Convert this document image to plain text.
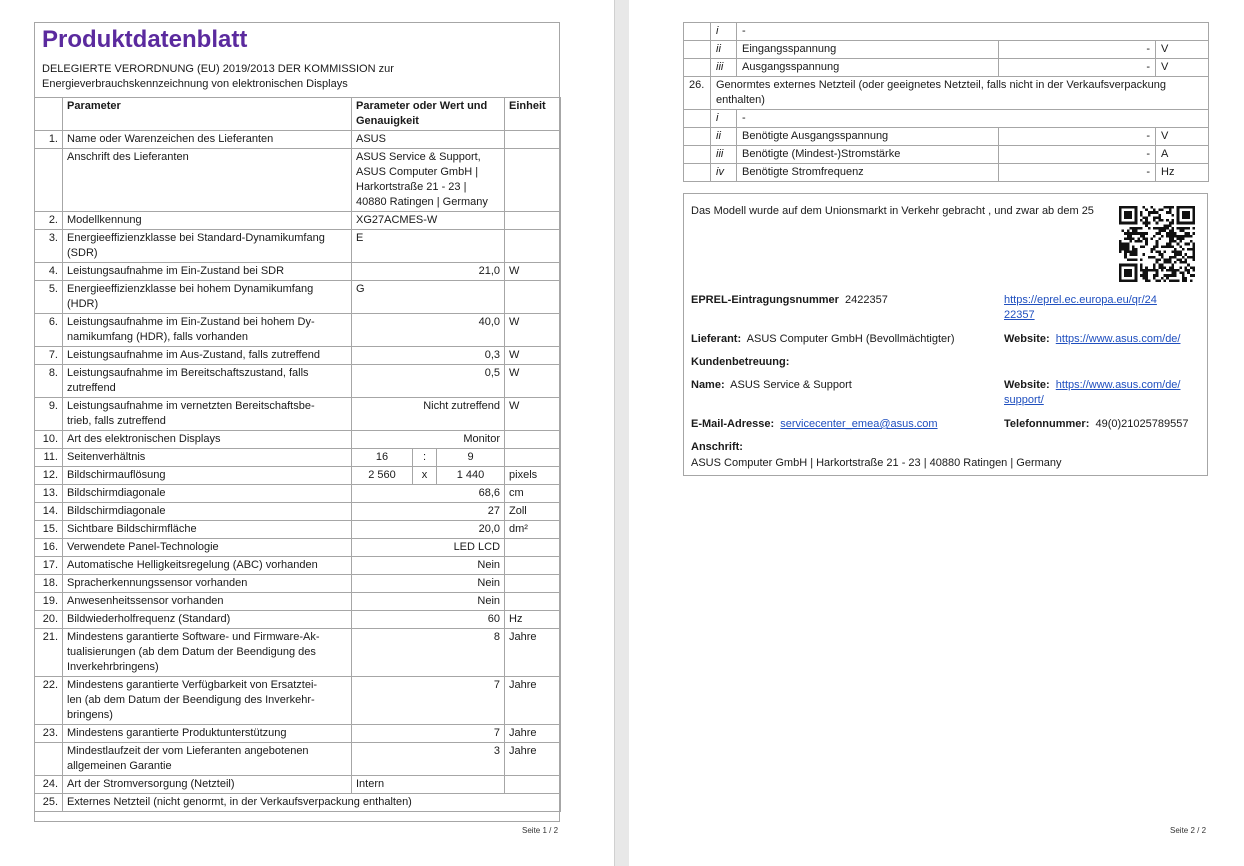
Produktdatenblatt
DELEGIERTE VERORDNUNG (EU) 2019/2013 DER KOMMISSION zur
Energieverbrauchskennzeichnung von elektronischen Displays
	Parameter	Parameter oder Wert und
Genauigkeit			Einheit
1.	Name oder Warenzeichen des Lieferanten	ASUS			

	Anschrift des Lieferanten	ASUS Service & Support,
ASUS Computer GmbH |
Harkortstraße 21 - 23 |
40880 Ratingen | Germany			

2.	Modellkennung	XG27ACMES-W			

3.	Energieeffizienzklasse bei Standard-Dynamikumfang
(SDR)	E			

4.	Leistungsaufnahme im Ein-Zustand bei SDR	21,0			W
5.	Energieeffizienzklasse bei hohem Dynamikumfang
(HDR)	G			

6.	Leistungsaufnahme im Ein-Zustand bei hohem Dy-
namikumfang (HDR), falls vorhanden	40,0			W
7.	Leistungsaufnahme im Aus-Zustand, falls zutreffend	0,3			W
8.	Leistungsaufnahme im Bereitschaftszustand, falls
zutreffend	0,5			W
9.	Leistungsaufnahme im vernetzten Bereitschaftsbe-
trieb, falls zutreffend	Nicht zutreffend			W
10.	Art des elektronischen Displays	Monitor			

11.	Seitenverhältnis	16	:	9	
12.	Bildschirmauflösung	2 560	x	1 440	pixels
13.	Bildschirmdiagonale	68,6			cm
14.	Bildschirmdiagonale	27			Zoll
15.	Sichtbare Bildschirmfläche	20,0			dm²
16.	Verwendete Panel-Technologie	LED LCD			

17.	Automatische Helligkeitsregelung (ABC) vorhanden	Nein			

18.	Spracherkennungssensor vorhanden	Nein			

19.	Anwesenheitssensor vorhanden	Nein			

20.	Bildwiederholfrequenz (Standard)	60			Hz
21.	Mindestens garantierte Software- und Firmware-Ak-
tualisierungen (ab dem Datum der Beendigung des
Inverkehrbringens)	8			Jahre
22.	Mindestens garantierte Verfügbarkeit von Ersatztei-
len (ab dem Datum der Beendigung des Inverkehr-
bringens)	7			Jahre
23.	Mindestens garantierte Produktunterstützung	7			Jahre

	Mindestlaufzeit der vom Lieferanten angebotenen
allgemeinen Garantie	3			Jahre
24.	Art der Stromversorgung (Netzteil)	Intern			

25.	Externes Netzteil (nicht genormt, in der Verkaufsverpackung enthalten)				
Seite 1 / 2
	i	-		
	ii	Eingangsspannung	-	V
	iii	Ausgangsspannung	-	V
26.	Genormtes externes Netzteil (oder geeignetes Netzteil, falls nicht in der Verkaufsverpackung
enthalten)			

	i	-		
	ii	Benötigte Ausgangsspannung	-	V
	iii	Benötigte (Mindest-)Stromstärke	-	A
	iv	Benötigte Stromfrequenz	-	Hz
Das Modell wurde auf dem Unionsmarkt in Verkehr gebracht , und zwar ab dem 25
EPREL-Eintragungsnummer 2422357	https://eprel.ec.europa.eu/qr/24
22357
Lieferant: ASUS Computer GmbH (Bevollmächtigter)	Website: https://www.asus.com/de/
Kundenbetreuung:
Name: ASUS Service & Support	Website: https://www.asus.com/de/
support/
E-Mail-Adresse: servicecenter_emea@asus.com	Telefonnummer: 49(0)21025789557
Anschrift:
ASUS Computer GmbH | Harkortstraße 21 - 23 | 40880 Ratingen | Germany
Seite 2 / 2
